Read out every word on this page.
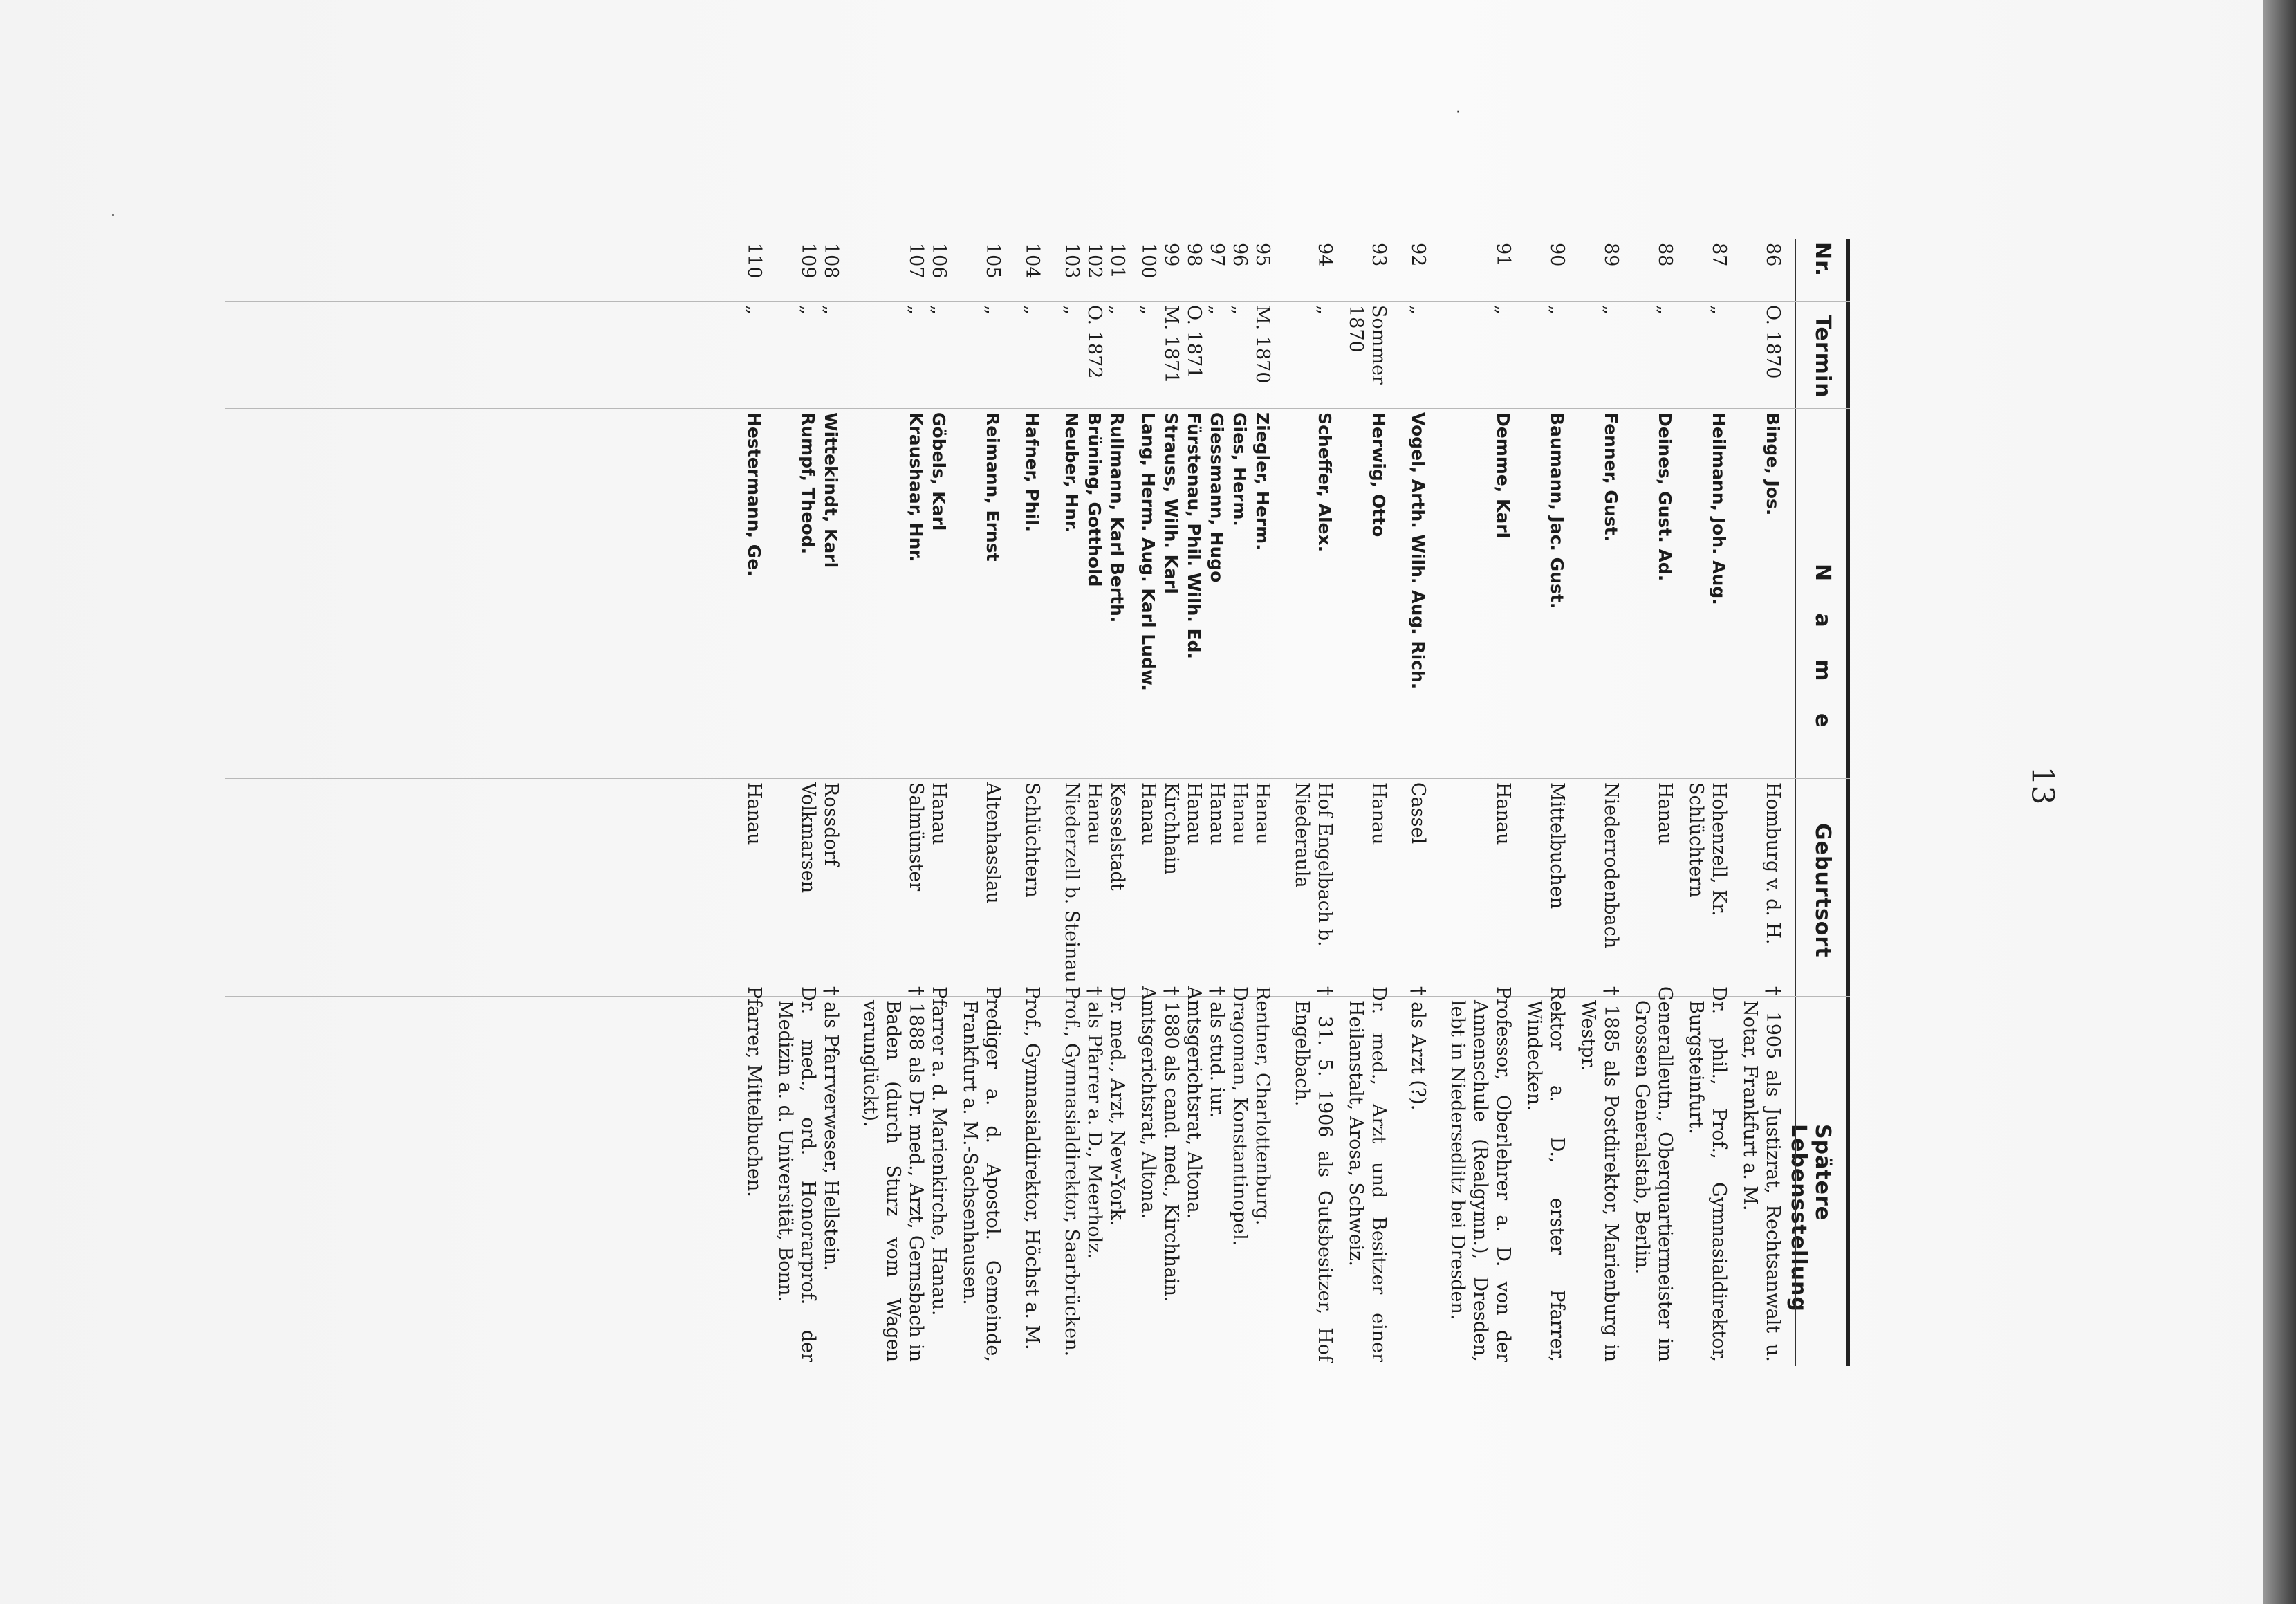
·
·
13
Nr.
Termin
N a m e
Geburtsort
Spätere Lebensstellung
86
O. 1870
Binge, Jos.
Homburg v. d. H.
† 1905 als Justizrat, Rechtsanwalt u. Notar, Frankfurt a. M.
87
„
Heilmann, Joh. Aug.
Hohenzell, Kr. Schlüchtern
Dr. phil., Prof., Gymnasialdirektor, Burgsteinfurt.
88
„
Deines, Gust. Ad.
Hanau
Generalleutn., Oberquartiermeister im Grossen Generalstab, Berlin.
89
„
Fenner, Gust.
Niederrodenbach
† 1885 als Postdirektor, Marienburg in Westpr.
90
„
Baumann, Jac. Gust.
Mittelbuchen
Rektor a. D., erster Pfarrer, Windecken.
91
„
Demme, Karl
Hanau
Professor, Oberlehrer a. D. von der Annenschule (Realgymn.), Dresden, lebt in Niedersedlitz bei Dresden.
92
„
Vogel, Arth. Wilh. Aug. Rich.
Cassel
† als Arzt (?).
93
Sommer 1870
Herwig, Otto
Hanau
Dr. med., Arzt und Besitzer einer Heilanstalt, Arosa, Schweiz.
94
„
Scheffer, Alex.
Hof Engelbach b. Niederaula
† 31. 5. 1906 als Gutsbesitzer, Hof Engelbach.
95
M. 1870
Ziegler, Herm.
Hanau
Rentner, Charlottenburg.
96
„
Gies, Herm.
Hanau
Dragoman, Konstantinopel.
97
„
Giessmann, Hugo
Hanau
† als stud. iur.
98
O. 1871
Fürstenau, Phil. Wilh. Ed.
Hanau
Amtsgerichtsrat, Altona.
99
M. 1871
Strauss, Wilh. Karl
Kirchhain
† 1880 als cand. med., Kirchhain.
100
„
Lang, Herm. Aug. Karl Ludw.
Hanau
Amtsgerichtsrat, Altona.
101
„
Rullmann, Karl Berth.
Kesselstadt
Dr. med., Arzt, New-York.
102
O. 1872
Brüning, Gotthold
Hanau
† als Pfarrer a. D., Meerholz.
103
„
Neuber, Hnr.
Niederzell b. Steinau
Prof., Gymnasialdirektor, Saarbrücken.
104
„
Hafner, Phil.
Schlüchtern
Prof., Gymnasialdirektor, Höchst a. M.
105
„
Reimann, Ernst
Altenhasslau
Prediger a. d. Apostol. Gemeinde, Frankfurt a. M.-Sachsenhausen.
106
„
Göbels, Karl
Hanau
Pfarrer a. d. Marienkirche, Hanau.
107
„
Kraushaar, Hnr.
Salmünster
† 1888 als Dr. med., Arzt, Gernsbach in Baden (durch Sturz vom Wagen verunglückt).
108
„
Wittekindt, Karl
Rossdorf
† als Pfarrverweser, Hellstein.
109
„
Rumpf, Theod.
Volkmarsen
Dr. med., ord. Honorarprof. der Medizin a. d. Universität, Bonn.
110
„
Hestermann, Ge.
Hanau
Pfarrer, Mittelbuchen.
